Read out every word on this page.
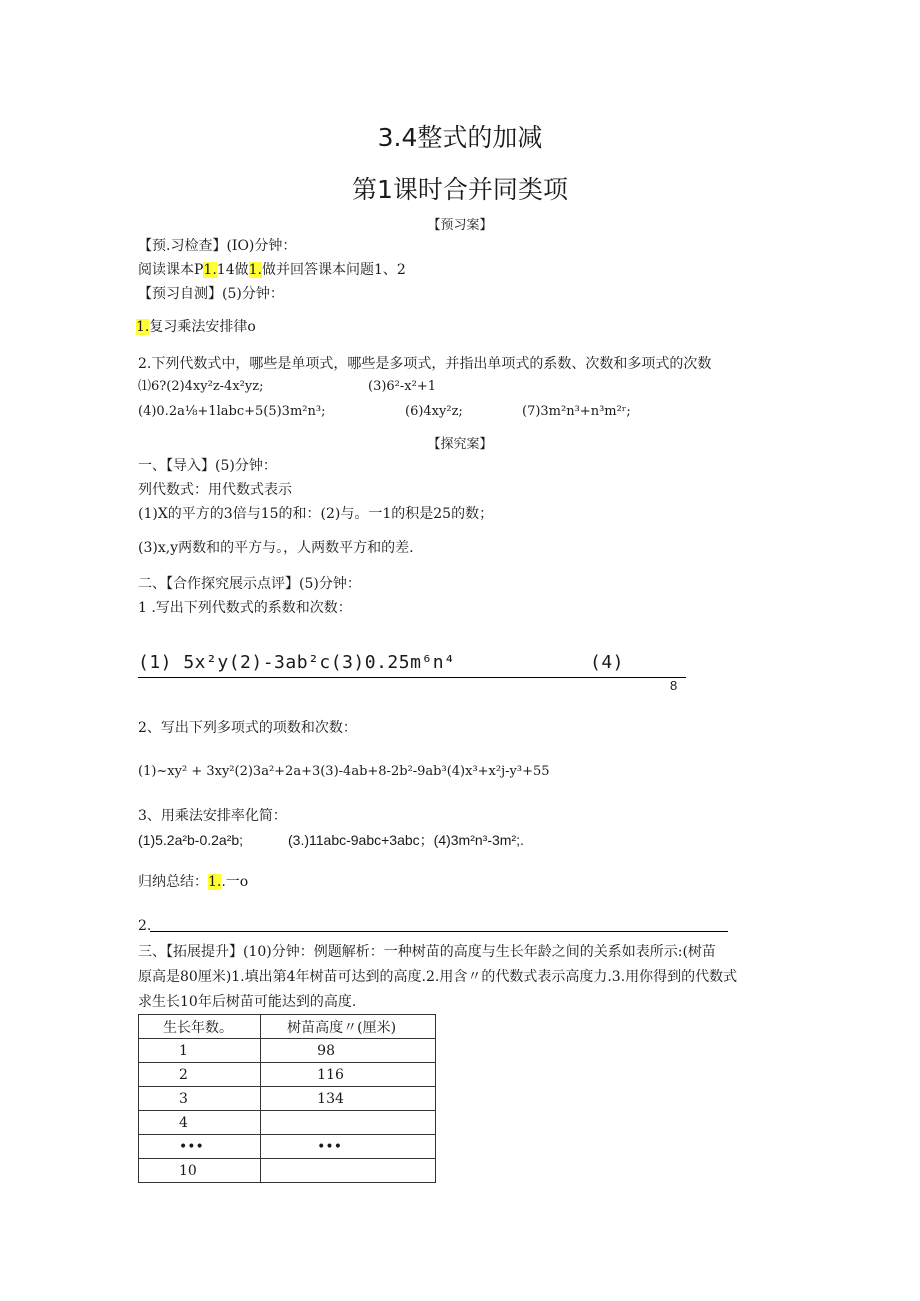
3.4整式的加减
第1课时合并同类项
【预习案】
【预.习检查】(IO)分钟：
阅读课本P1.14做1.做并回答课本问题1、2
【预习自测】(5)分钟：
1.复习乘法安排律o
2.下列代数式中，哪些是单项式，哪些是多项式，并指出单项式的系数、次数和多项式的次数
⑴6?(2)4xy²z-4x²yz;	(3)6²-x²+1
(4)0.2a¹⁄₈+1labc+5(5)3m²n³;	(6)4xy²z;	(7)3m²n³+n³m²ʳ;
【探究案】
一、【导入】(5)分钟：
列代数式：用代数式表示
(1)X的平方的3倍与15的和：(2)与。一1的积是25的数；
(3)x,y两数和的平方与。，人两数平方和的差.
二、【合作探究展示点评】(5)分钟：
1 .写出下列代数式的系数和次数：
(1) 5x²y(2)-3ab²c(3)0.25m⁶n⁴	(4)
8
2、写出下列多项式的项数和次数：
(1)~xy² + 3xy²(2)3a²+2a+3(3)-4ab+8-2b²-9ab³(4)x³+x²j-y³+55
3、用乘法安排率化简：
(1)5.2a²b-0.2a²b;	(3.)11abc-9abc+3abc；(4)3m²n³-3m²;.
归纳总结：1..一o
2.
三、【拓展提升】(10)分钟：例题解析：一种树苗的高度与生长年龄之间的关系如表所示:(树苗
原高是80厘米)1.填出第4年树苗可达到的高度.2.用含〃的代数式表示高度力.3.用你得到的代数式
求生长10年后树苗可能达到的高度.
生长年数。	树苗高度〃(厘米)
1	98
2	116
3	134
4	
•••	•••
10	
